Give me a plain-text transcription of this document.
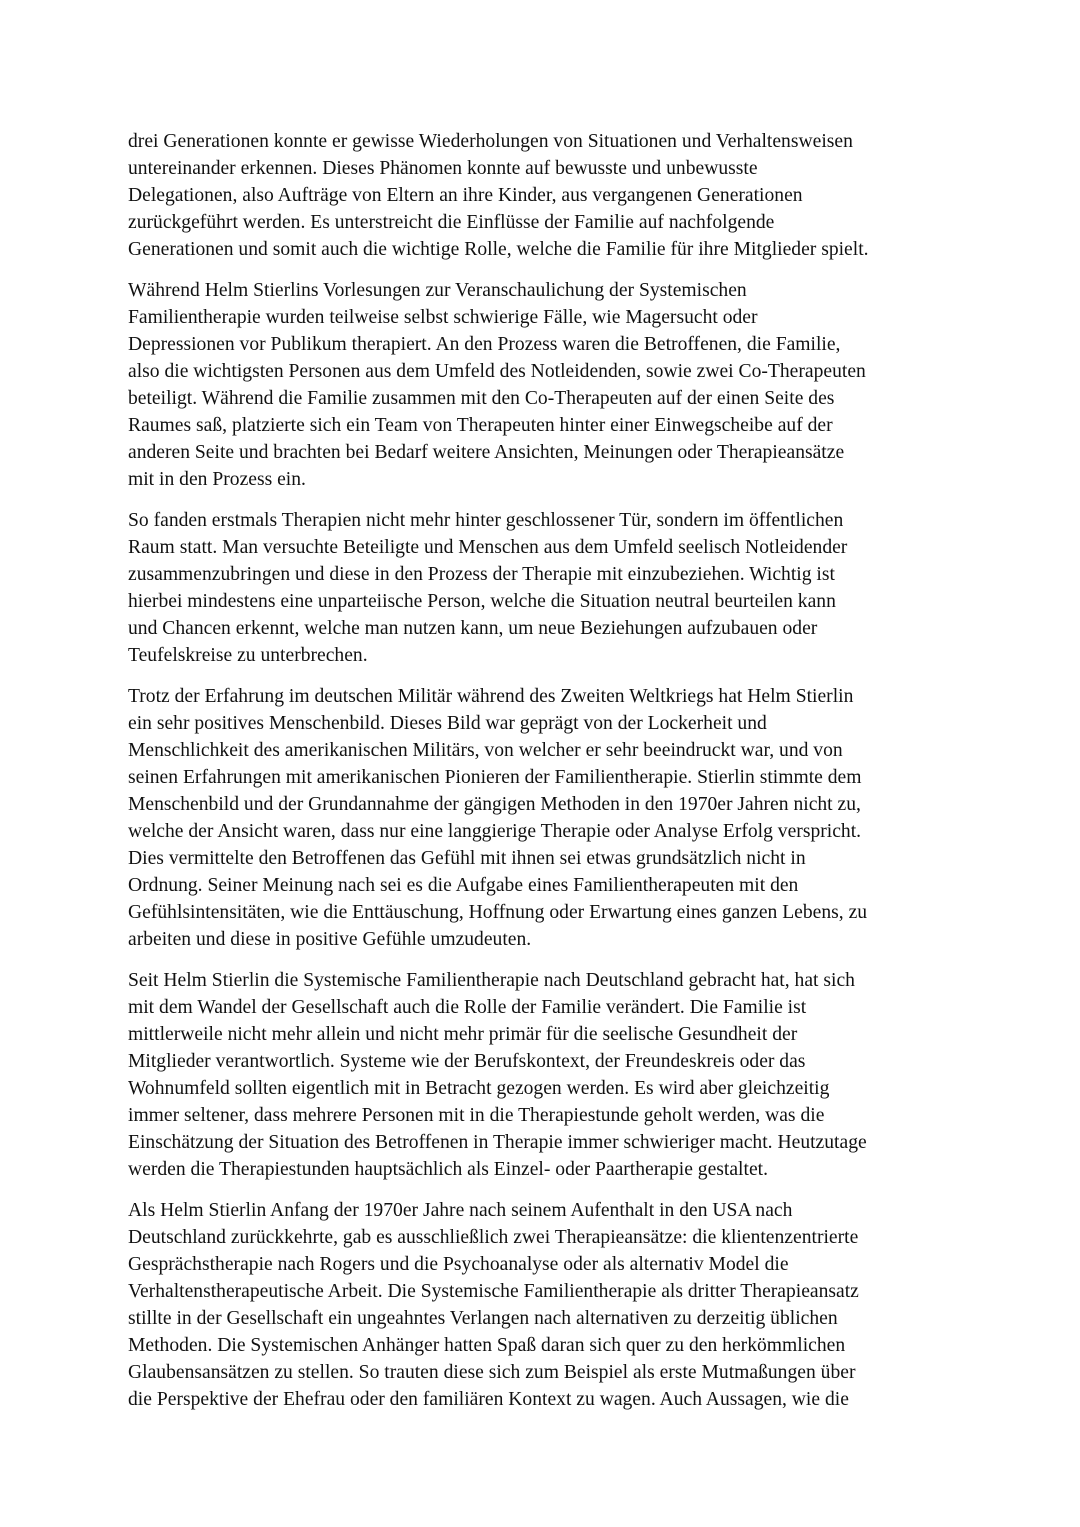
drei Generationen konnte er gewisse Wiederholungen von Situationen und Verhaltensweisen
untereinander erkennen. Dieses Phänomen konnte auf bewusste und unbewusste
Delegationen, also Aufträge von Eltern an ihre Kinder, aus vergangenen Generationen
zurückgeführt werden. Es unterstreicht die Einflüsse der Familie auf nachfolgende
Generationen und somit auch die wichtige Rolle, welche die Familie für ihre Mitglieder spielt.

Während Helm Stierlins Vorlesungen zur Veranschaulichung der Systemischen
Familientherapie wurden teilweise selbst schwierige Fälle, wie Magersucht oder
Depressionen vor Publikum therapiert. An den Prozess waren die Betroffenen, die Familie,
also die wichtigsten Personen aus dem Umfeld des Notleidenden, sowie zwei Co-Therapeuten
beteiligt. Während die Familie zusammen mit den Co-Therapeuten auf der einen Seite des
Raumes saß, platzierte sich ein Team von Therapeuten hinter einer Einwegscheibe auf der
anderen Seite und brachten bei Bedarf weitere Ansichten, Meinungen oder Therapieansätze
mit in den Prozess ein.

So fanden erstmals Therapien nicht mehr hinter geschlossener Tür, sondern im öffentlichen
Raum statt. Man versuchte Beteiligte und Menschen aus dem Umfeld seelisch Notleidender
zusammenzubringen und diese in den Prozess der Therapie mit einzubeziehen. Wichtig ist
hierbei mindestens eine unparteiische Person, welche die Situation neutral beurteilen kann
und Chancen erkennt, welche man nutzen kann, um neue Beziehungen aufzubauen oder
Teufelskreise zu unterbrechen.

Trotz der Erfahrung im deutschen Militär während des Zweiten Weltkriegs hat Helm Stierlin
ein sehr positives Menschenbild. Dieses Bild war geprägt von der Lockerheit und
Menschlichkeit des amerikanischen Militärs, von welcher er sehr beeindruckt war, und von
seinen Erfahrungen mit amerikanischen Pionieren der Familientherapie. Stierlin stimmte dem
Menschenbild und der Grundannahme der gängigen Methoden in den 1970er Jahren nicht zu,
welche der Ansicht waren, dass nur eine langgierige Therapie oder Analyse Erfolg verspricht.
Dies vermittelte den Betroffenen das Gefühl mit ihnen sei etwas grundsätzlich nicht in
Ordnung. Seiner Meinung nach sei es die Aufgabe eines Familientherapeuten mit den
Gefühlsintensitäten, wie die Enttäuschung, Hoffnung oder Erwartung eines ganzen Lebens, zu
arbeiten und diese in positive Gefühle umzudeuten.

Seit Helm Stierlin die Systemische Familientherapie nach Deutschland gebracht hat, hat sich
mit dem Wandel der Gesellschaft auch die Rolle der Familie verändert. Die Familie ist
mittlerweile nicht mehr allein und nicht mehr primär für die seelische Gesundheit der
Mitglieder verantwortlich. Systeme wie der Berufskontext, der Freundeskreis oder das
Wohnumfeld sollten eigentlich mit in Betracht gezogen werden. Es wird aber gleichzeitig
immer seltener, dass mehrere Personen mit in die Therapiestunde geholt werden, was die
Einschätzung der Situation des Betroffenen in Therapie immer schwieriger macht. Heutzutage
werden die Therapiestunden hauptsächlich als Einzel- oder Paartherapie gestaltet.

Als Helm Stierlin Anfang der 1970er Jahre nach seinem Aufenthalt in den USA nach
Deutschland zurückkehrte, gab es ausschließlich zwei Therapieansätze: die klientenzentrierte
Gesprächstherapie nach Rogers und die Psychoanalyse oder als alternativ Model die
Verhaltenstherapeutische Arbeit. Die Systemische Familientherapie als dritter Therapieansatz
stillte in der Gesellschaft ein ungeahntes Verlangen nach alternativen zu derzeitig üblichen
Methoden. Die Systemischen Anhänger hatten Spaß daran sich quer zu den herkömmlichen
Glaubensansätzen zu stellen. So trauten diese sich zum Beispiel als erste Mutmaßungen über
die Perspektive der Ehefrau oder den familiären Kontext zu wagen. Auch Aussagen, wie die
